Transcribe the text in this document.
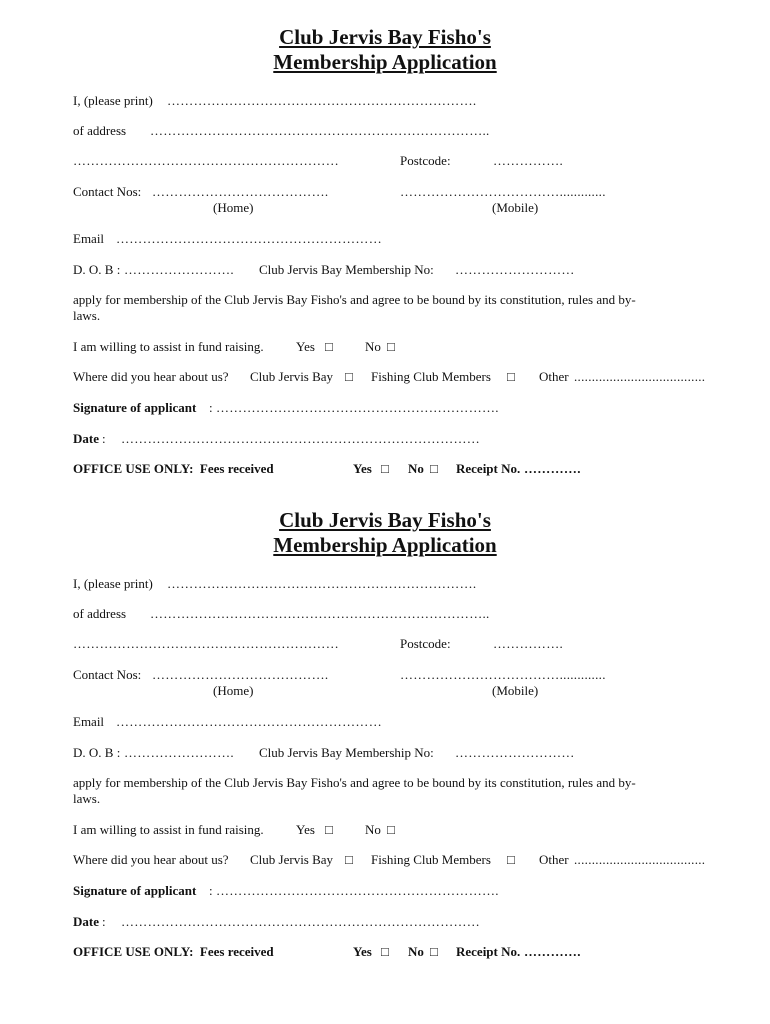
Club Jervis Bay Fisho's
Membership Application
I, (please print) …………………………………………………………….
of address …………………………………………………………………..
……………………………………………………	Postcode:	…………….
Contact Nos: ………………………………….	……………………………….............
(Home)	(Mobile)
Email ……………………………………………………
D. O. B : ……………………. Club Jervis Bay Membership No: ………………………
apply for membership of the Club Jervis Bay Fisho's and agree to be bound by its constitution, rules and by-
laws.
I am willing to assist in fund raising. Yes □ No □
Where did you hear about us? Club Jervis Bay □ Fishing Club Members □ Other .....................................
Signature of applicant : ……………………………………………………….
Date : ………………………………………………………………………
OFFICE USE ONLY:  Fees received	Yes □ No □ Receipt No. ………….
Club Jervis Bay Fisho's
Membership Application
I, (please print) …………………………………………………………….
of address …………………………………………………………………..
……………………………………………………	Postcode:	…………….
Contact Nos: ………………………………….	……………………………….............
(Home)	(Mobile)
Email ……………………………………………………
D. O. B : ……………………. Club Jervis Bay Membership No: ………………………
apply for membership of the Club Jervis Bay Fisho's and agree to be bound by its constitution, rules and by-
laws.
I am willing to assist in fund raising. Yes □ No □
Where did you hear about us? Club Jervis Bay □ Fishing Club Members □ Other .....................................
Signature of applicant : ……………………………………………………….
Date : ………………………………………………………………………
OFFICE USE ONLY:  Fees received	Yes □ No □ Receipt No. ………….
